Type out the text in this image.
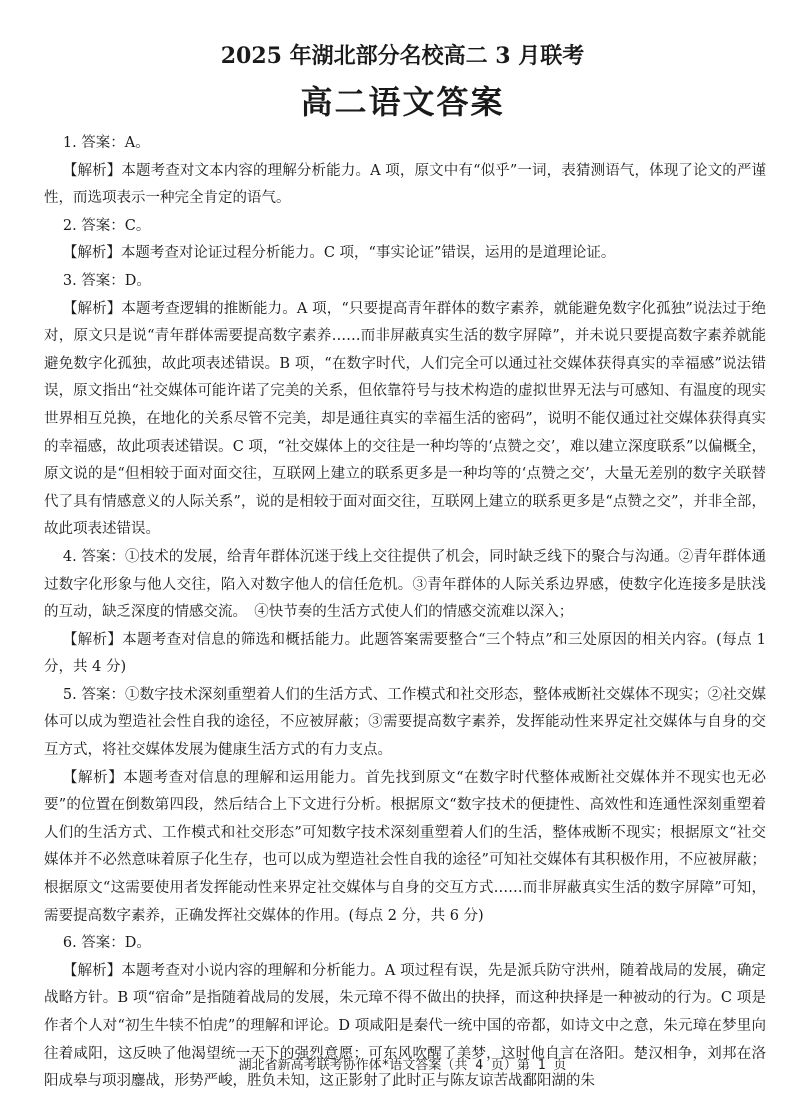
2025 年湖北部分名校高二 3 月联考
高二语文答案

1. 答案：A。

【解析】本题考查对文本内容的理解分析能力。A 项，原文中有“似乎”一词，表猜测语气，体现了论文的严谨性，而选项表示一种完全肯定的语气。

2. 答案：C。

【解析】本题考查对论证过程分析能力。C 项，“事实论证”错误，运用的是道理论证。

3. 答案：D。

【解析】本题考查逻辑的推断能力。A 项，“只要提高青年群体的数字素养，就能避免数字化孤独”说法过于绝对，原文只是说“青年群体需要提高数字素养……而非屏蔽真实生活的数字屏障”，并未说只要提高数字素养就能避免数字化孤独，故此项表述错误。B 项，“在数字时代，人们完全可以通过社交媒体获得真实的幸福感”说法错误，原文指出“社交媒体可能许诺了完美的关系，但依靠符号与技术构造的虚拟世界无法与可感知、有温度的现实世界相互兑换，在地化的关系尽管不完美，却是通往真实的幸福生活的密码”，说明不能仅通过社交媒体获得真实的幸福感，故此项表述错误。C 项，“社交媒体上的交往是一种均等的‘点赞之交’，难以建立深度联系”以偏概全，原文说的是“但相较于面对面交往，互联网上建立的联系更多是一种均等的‘点赞之交’，大量无差别的数字关联替代了具有情感意义的人际关系”，说的是相较于面对面交往，互联网上建立的联系更多是“点赞之交”，并非全部，故此项表述错误。

4. 答案：①技术的发展，给青年群体沉迷于线上交往提供了机会，同时缺乏线下的聚合与沟通。②青年群体通过数字化形象与他人交往，陷入对数字他人的信任危机。③青年群体的人际关系边界感，使数字化连接多是肤浅的互动，缺乏深度的情感交流。　④快节奏的生活方式使人们的情感交流难以深入；

【解析】本题考查对信息的筛选和概括能力。此题答案需要整合“三个特点”和三处原因的相关内容。(每点 1 分，共 4 分)

5. 答案：①数字技术深刻重塑着人们的生活方式、工作模式和社交形态，整体戒断社交媒体不现实；②社交媒体可以成为塑造社会性自我的途径，不应被屏蔽；③需要提高数字素养，发挥能动性来界定社交媒体与自身的交互方式，将社交媒体发展为健康生活方式的有力支点。

【解析】本题考查对信息的理解和运用能力。首先找到原文“在数字时代整体戒断社交媒体并不现实也无必要”的位置在倒数第四段，然后结合上下文进行分析。根据原文“数字技术的便捷性、高效性和连通性深刻重塑着人们的生活方式、工作模式和社交形态”可知数字技术深刻重塑着人们的生活，整体戒断不现实；根据原文“社交媒体并不必然意味着原子化生存，也可以成为塑造社会性自我的途径”可知社交媒体有其积极作用，不应被屏蔽；根据原文“这需要使用者发挥能动性来界定社交媒体与自身的交互方式……而非屏蔽真实生活的数字屏障”可知，需要提高数字素养，正确发挥社交媒体的作用。(每点 2 分，共 6 分)

6. 答案：D。

【解析】本题考查对小说内容的理解和分析能力。A 项过程有误，先是派兵防守洪州，随着战局的发展，确定战略方针。B 项“宿命”是指随着战局的发展，朱元璋不得不做出的抉择，而这种抉择是一种被动的行为。C 项是作者个人对“初生牛犊不怕虎”的理解和评论。D 项咸阳是秦代一统中国的帝都，如诗文中之意，朱元璋在梦里向往着咸阳，这反映了他渴望统一天下的强烈意愿；可东风吹醒了美梦，这时他自言在洛阳。楚汉相争，刘邦在洛阳成皋与项羽鏖战，形势严峻，胜负未知，这正影射了此时正与陈友谅苦战鄱阳湖的朱

湖北省新高考联考协作体*语文答案（共 4 页）第 1 页
